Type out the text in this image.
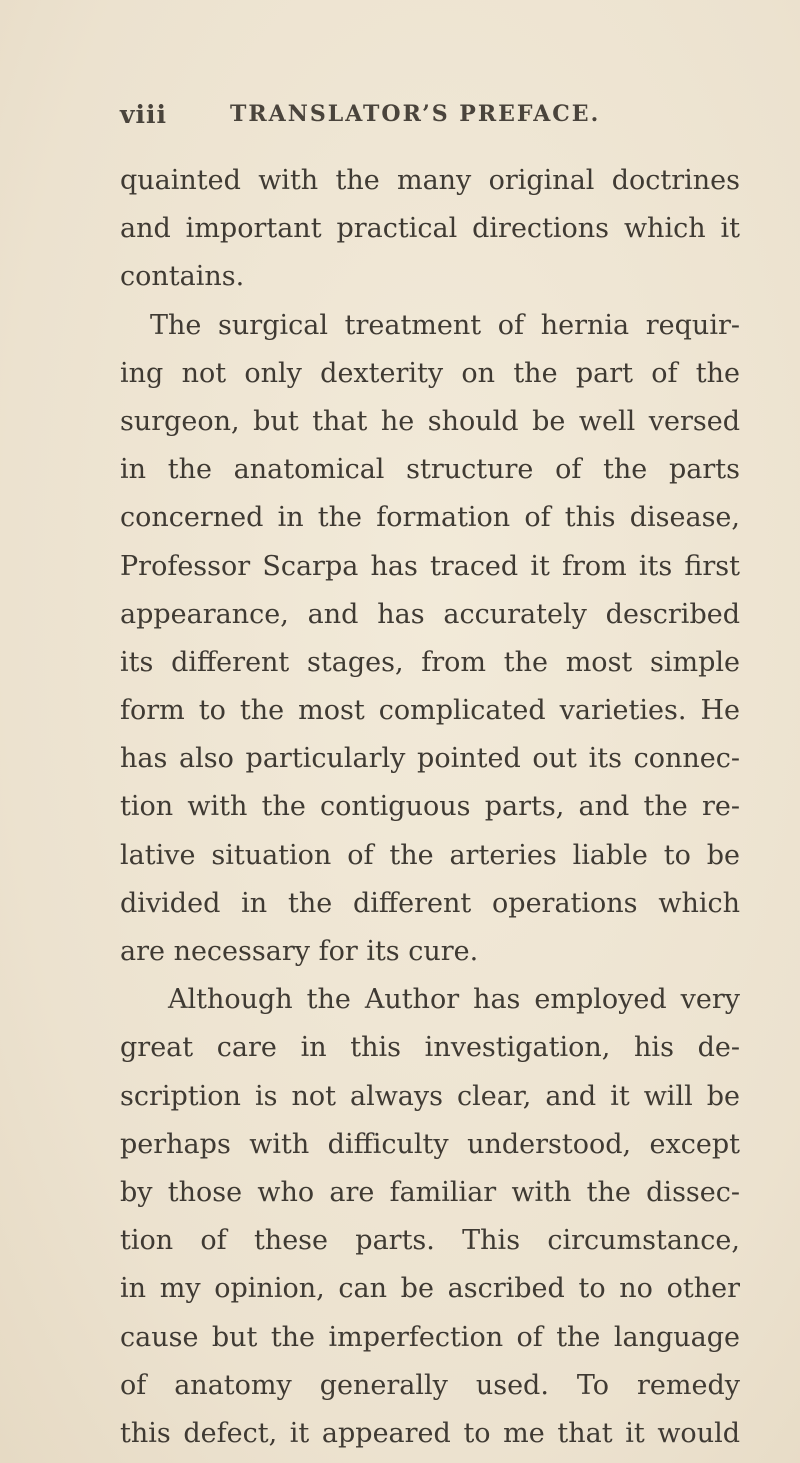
viii	TRANSLATOR’S PREFACE.
quainted with the many original doctrines
and important practical directions which it
contains.
The surgical treatment of hernia requir-
ing not only dexterity on the part of the
surgeon, but that he should be well versed
in the anatomical structure of the parts
concerned in the formation of this disease,
Professor Scarpa has traced it from its first
appearance, and has accurately described
its different stages, from the most simple
form to the most complicated varieties. He
has also particularly pointed out its connec-
tion with the contiguous parts, and the re-
lative situation of the arteries liable to be
divided in the different operations which
are necessary for its cure.
Although the Author has employed very
great care in this investigation, his de-
scription is not always clear, and it will be
perhaps with difficulty understood, except
by those who are familiar with the dissec-
tion of these parts. This circumstance,
in my opinion, can be ascribed to no other
cause but the imperfection of the language
of anatomy generally used. To remedy
this defect, it appeared to me that it would
